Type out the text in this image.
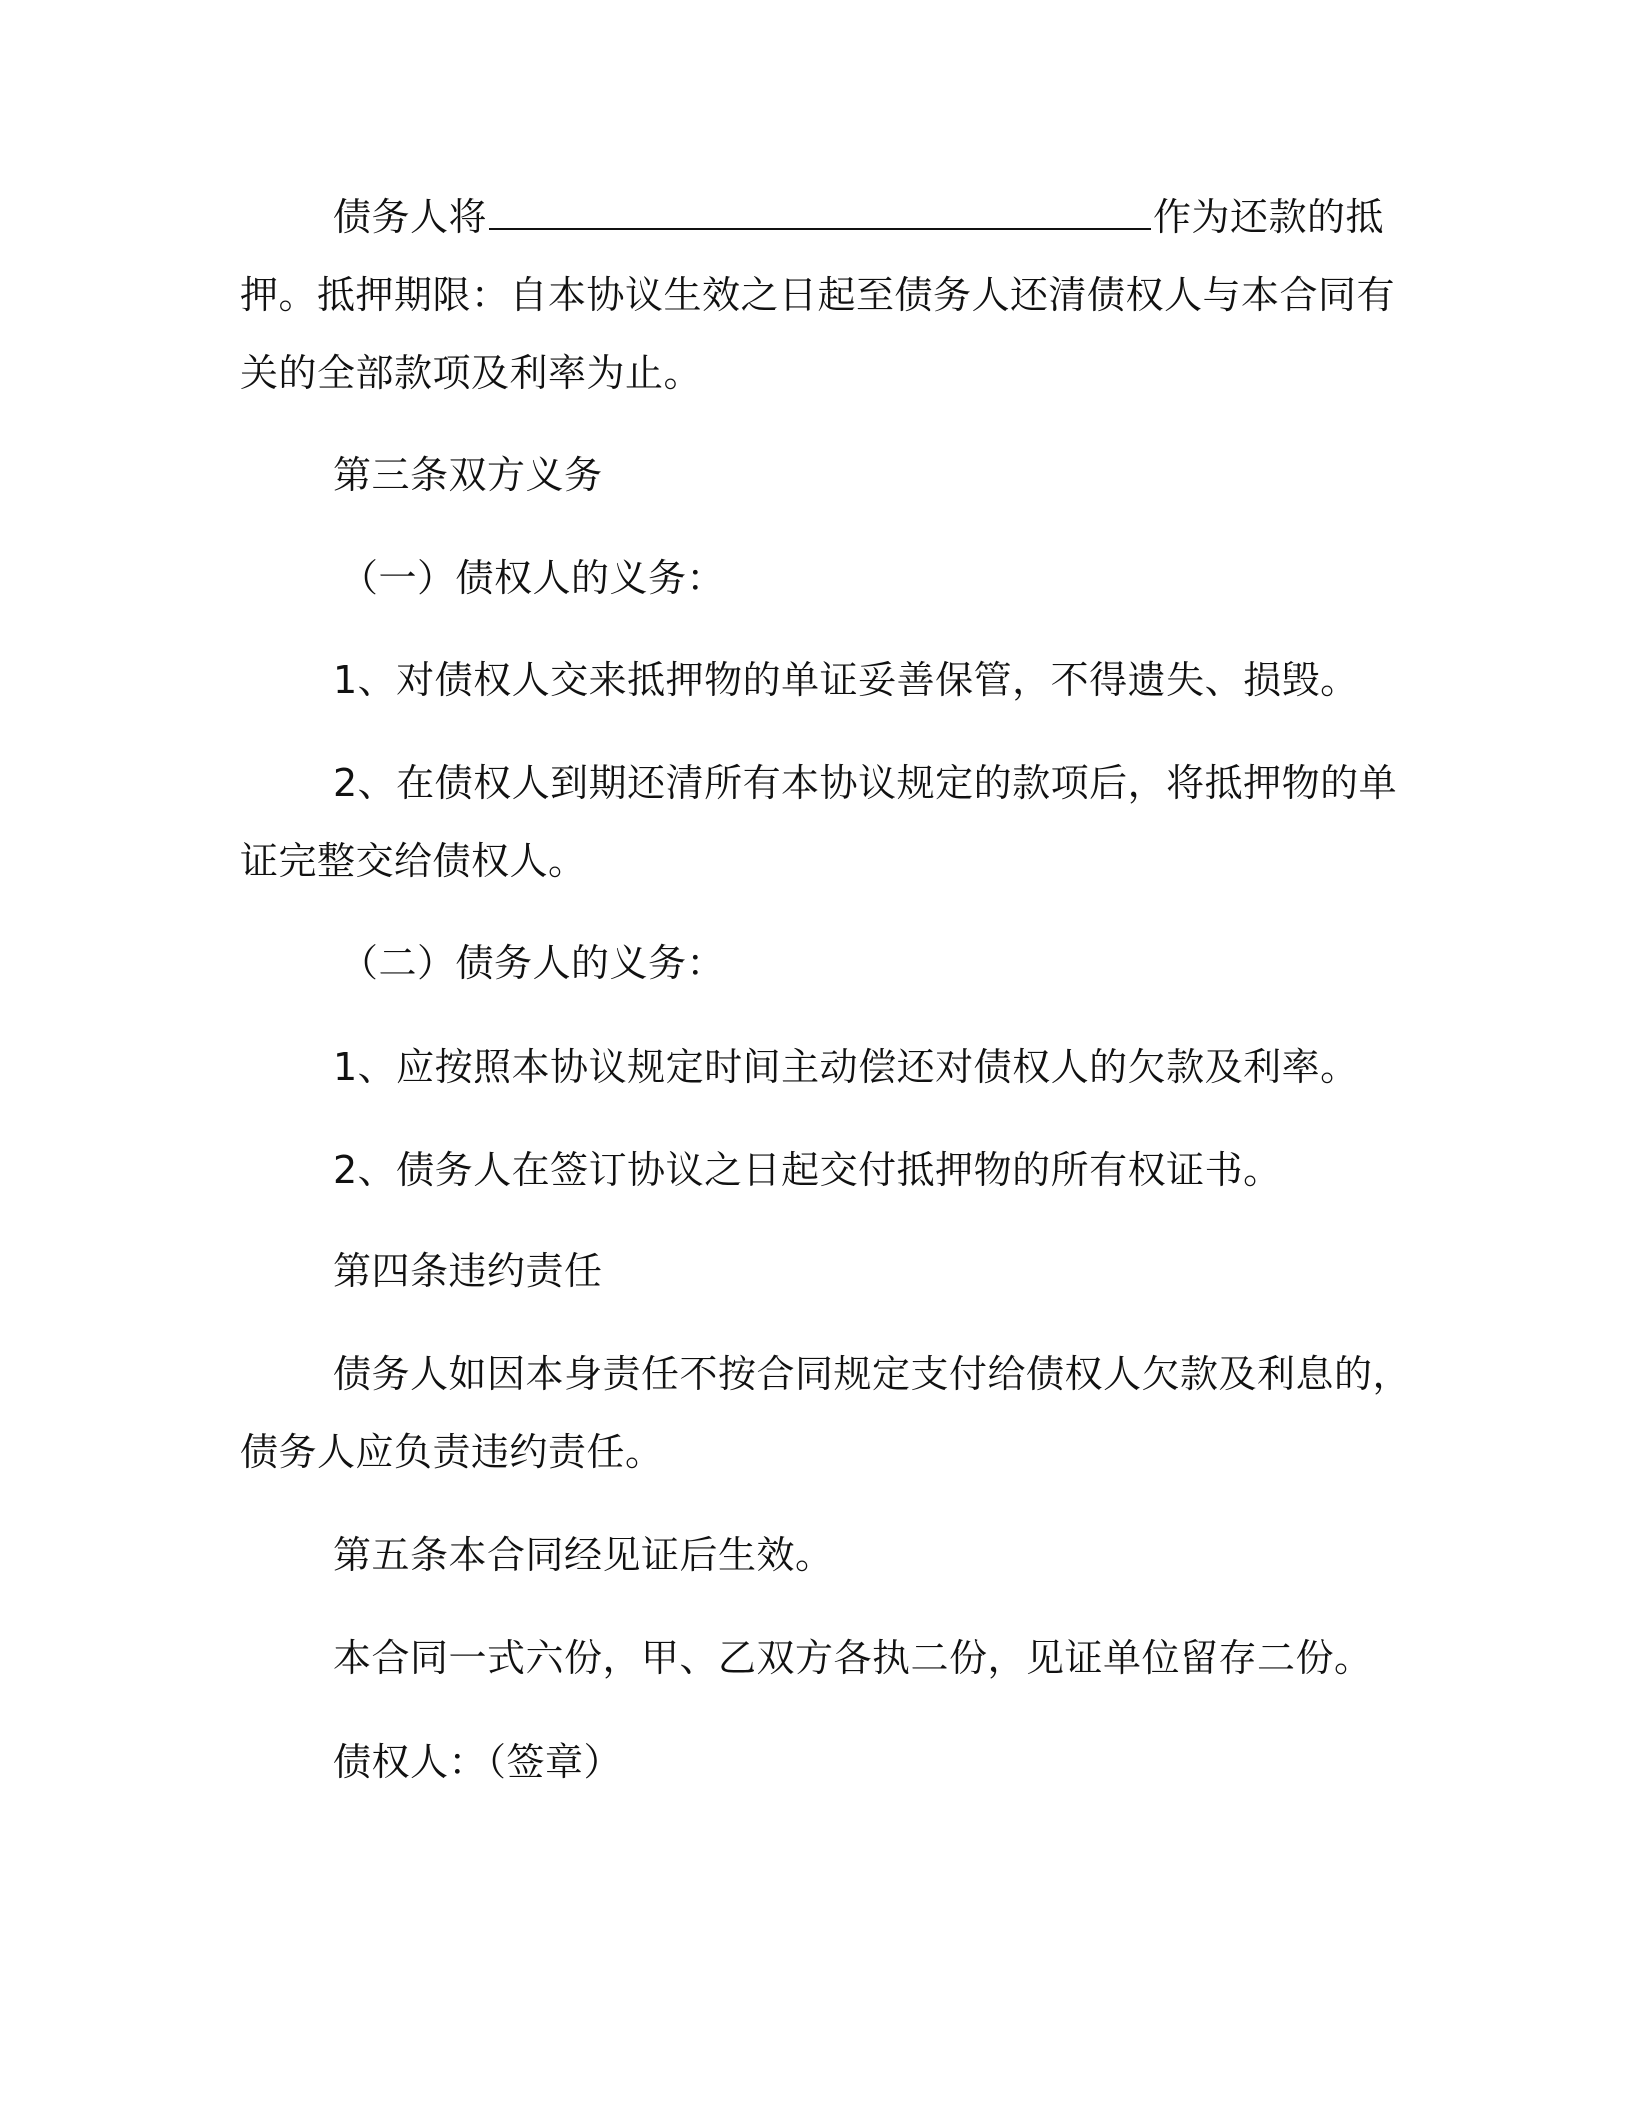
债务人将	作为还款的抵
押。抵押期限：自本协议生效之日起至债务人还清债权人与本合同有
关的全部款项及利率为止。
第三条双方义务
（一）债权人的义务：
1、对债权人交来抵押物的单证妥善保管，不得遗失、损毁。
2、在债权人到期还清所有本协议规定的款项后，将抵押物的单
证完整交给债权人。
（二）债务人的义务：
1、应按照本协议规定时间主动偿还对债权人的欠款及利率。
2、债务人在签订协议之日起交付抵押物的所有权证书。
第四条违约责任
债务人如因本身责任不按合同规定支付给债权人欠款及利息的，
债务人应负责违约责任。
第五条本合同经见证后生效。
本合同一式六份，甲、乙双方各执二份，见证单位留存二份。
债权人：（签章）
